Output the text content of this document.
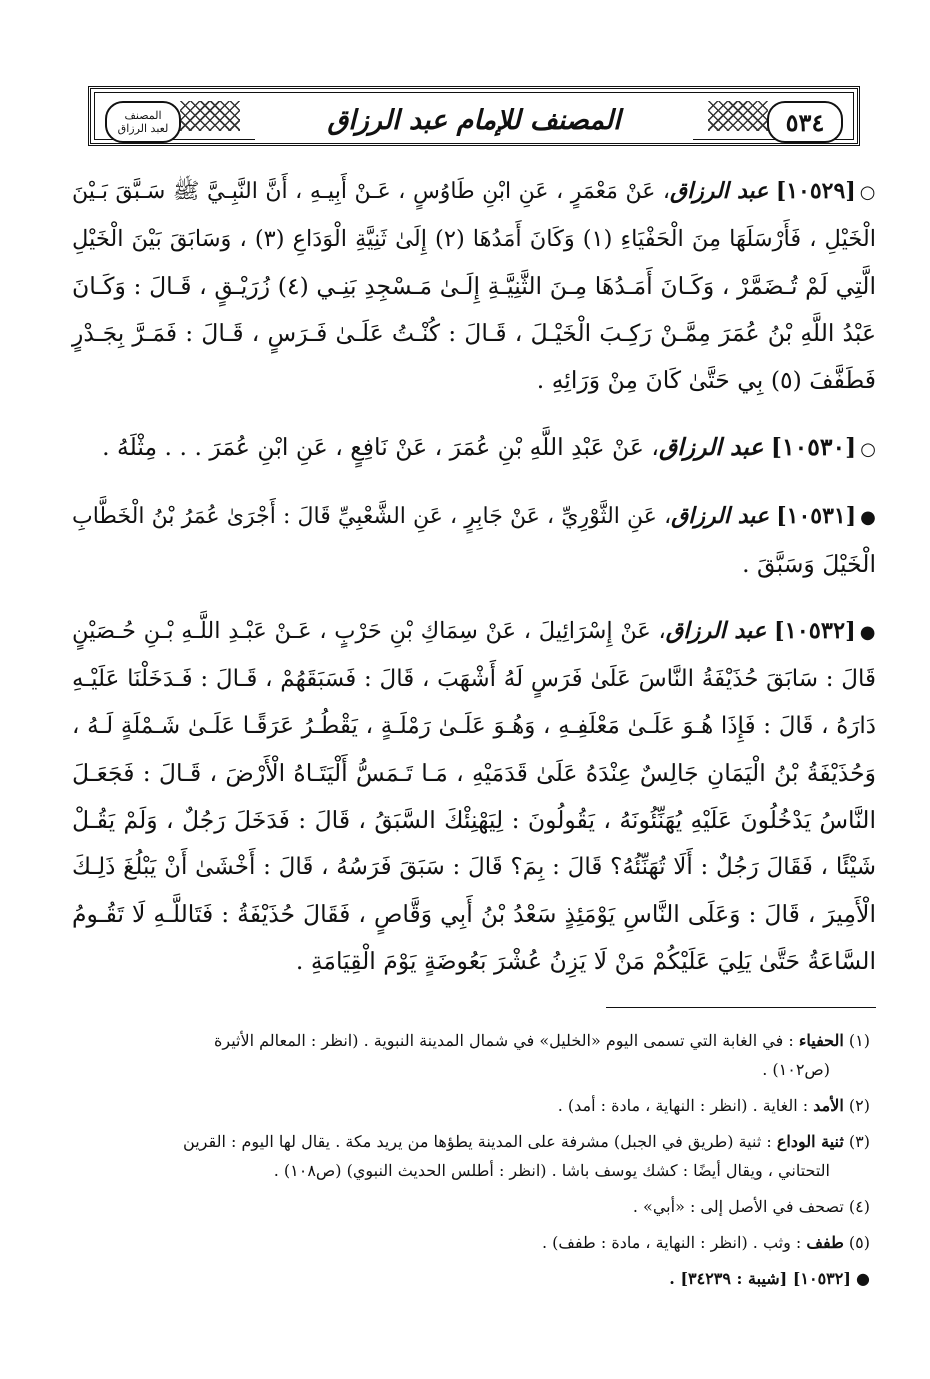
٥٣٤
المصنف للإمام عبد الرزاق
المصنف
لعبد الرزاق
○[١٠٥٢٩] عبد الرزاق، عَنْ مَعْمَرٍ ، عَنِ ابْنِ طَاوُسٍ ، عَـنْ أَبِيـهِ ، أَنَّ النَّبِـيَّ ﷺ سَـبَّقَ بَـيْنَ
الْخَيْلِ ، فَأَرْسَلَهَا مِنَ الْحَفْيَاءِ (١) وَكَانَ أَمَدُهَا (٢) إِلَىٰ ثَنِيَّةِ الْوَدَاعِ (٣) ، وَسَابَقَ بَيْنَ الْخَيْلِ
الَّتِي لَمْ تُـضَمَّرْ ، وَكَـانَ أَمَـدُهَا مِـنَ الثَّنِيَّـةِ إِلَـىٰ مَـسْجِدِ بَنِـي (٤) زُرَيْـقٍ ، قَـالَ : وَكَـانَ
عَبْدُ اللَّهِ بْنُ عُمَرَ مِمَّـنْ رَكِـبَ الْخَيْـلَ ، قَـالَ : كُنْـتُ عَلَـىٰ فَـرَسٍ ، قَـالَ : فَمَـرَّ بِجَـدْرٍ
فَطَفَّفَ (٥) بِي حَتَّىٰ كَانَ مِنْ وَرَائِهِ .
○[١٠٥٣٠] عبد الرزاق، عَنْ عَبْدِ اللَّهِ بْنِ عُمَرَ ، عَنْ نَافِعٍ ، عَنِ ابْنِ عُمَرَ . . . مِثْلَهُ .
●[١٠٥٣١] عبد الرزاق، عَنِ الثَّوْرِيِّ ، عَنْ جَابِرٍ ، عَنِ الشَّعْبِيِّ قَالَ : أَجْرَىٰ عُمَرُ بْنُ الْخَطَّابِ
الْخَيْلَ وَسَبَّقَ .
●[١٠٥٣٢] عبد الرزاق، عَنْ إِسْرَائِيلَ ، عَنْ سِمَاكِ بْنِ حَرْبٍ ، عَـنْ عَبْـدِ اللَّـهِ بْـنِ حُـصَيْنٍ
قَالَ : سَابَقَ حُذَيْفَةُ النَّاسَ عَلَىٰ فَرَسٍ لَهُ أَشْهَبَ ، قَالَ : فَسَبَقَهُمْ ، قَـالَ : فَـدَخَلْنَا عَلَيْـهِ
دَارَهُ ، قَالَ : فَإِذَا هُـوَ عَلَـىٰ مَعْلَفِـهِ ، وَهُـوَ عَلَـىٰ رَمْلَـةٍ ، يَقْطُـرُ عَرَقًـا عَلَـىٰ شَـمْلَةٍ لَـهُ ،
وَحُذَيْفَةُ بْنُ الْيَمَانِ جَالِسٌ عِنْدَهُ عَلَىٰ قَدَمَيْهِ ، مَـا تَـمَسُّ أَلْيَتَـاهُ الْأَرْضَ ، قَـالَ : فَجَعَـلَ
النَّاسُ يَدْخُلُونَ عَلَيْهِ يُهَنِّئُونَهُ ، يَقُولُونَ : لِيَهْنِئْكَ السَّبَقُ ، قَالَ : فَدَخَلَ رَجُلٌ ، وَلَمْ يَقُـلْ
شَيْئًا ، فَقَالَ رَجُلٌ : أَلَا تُهَنِّئُهُ؟ قَالَ : بِمَ؟ قَالَ : سَبَقَ فَرَسُهُ ، قَالَ : أَخْشَىٰ أَنْ يَبْلُغَ ذَلِـكَ
الْأَمِيرَ ، قَالَ : وَعَلَى النَّاسِ يَوْمَئِذٍ سَعْدُ بْنُ أَبِي وَقَّاصٍ ، فَقَالَ حُذَيْفَةُ : فَتَاللَّـهِ لَا تَقُـومُ
السَّاعَةُ حَتَّىٰ يَلِيَ عَلَيْكُمْ مَنْ لَا يَزِنُ عُشْرَ بَعُوضَةٍ يَوْمَ الْقِيَامَةِ .
(١) الحفياء : في الغابة التي تسمى اليوم «الخليل» في شمال المدينة النبوية . (انظر : المعالم الأثيرة
(ص١٠٢) .
(٢) الأمد : الغاية . (انظر : النهاية ، مادة : أمد) .
(٣) ثنية الوداع : ثنية (طريق في الجبل) مشرفة على المدينة يطؤها من يريد مكة . يقال لها اليوم : القرين
التحتاني ، ويقال أيضًا : كشك يوسف باشا . (انظر : أطلس الحديث النبوي) (ص١٠٨) .
(٤) تصحف في الأصل إلى : «أبي» .
(٥) طفف : وثب . (انظر : النهاية ، مادة : طفف) .
● [١٠٥٣٢] [شيبة : ٣٤٢٣٩] .
